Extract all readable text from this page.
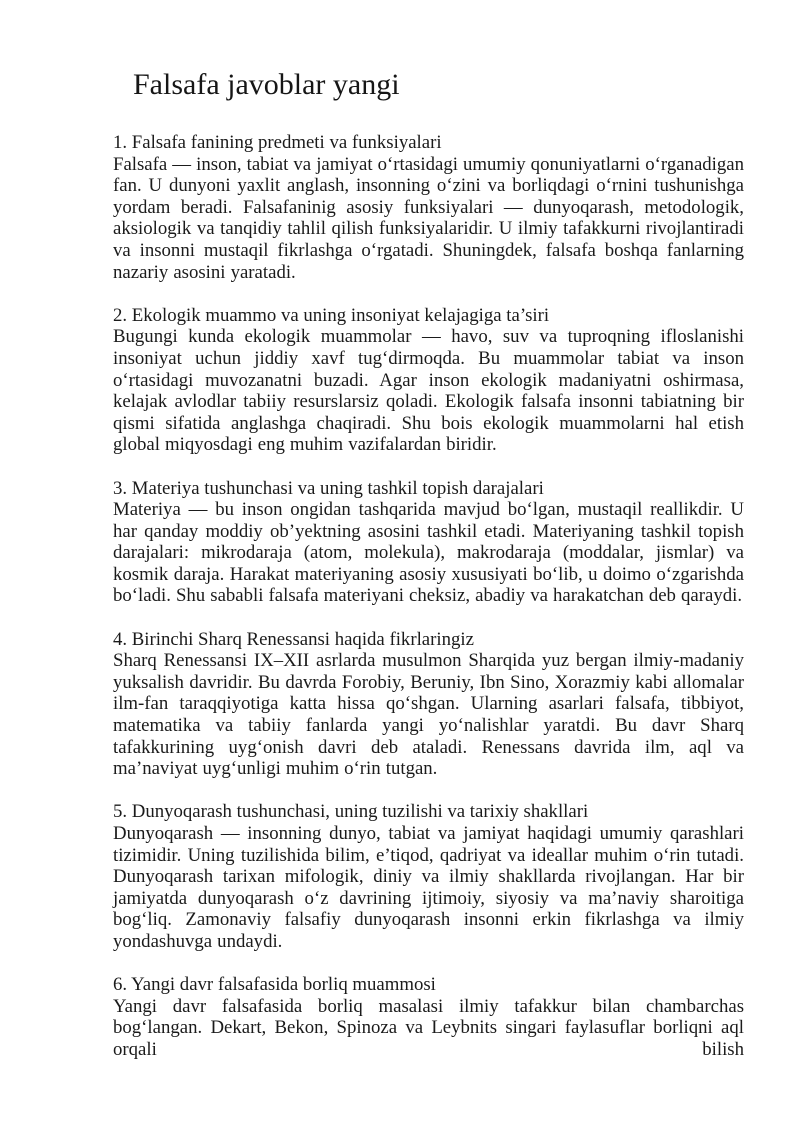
Falsafa javoblar yangi
1. Falsafa fanining predmeti va funksiyalari

Falsafa — inson, tabiat va jamiyat oʻrtasidagi umumiy qonuniyatlarni oʻrganadigan fan. U dunyoni yaxlit anglash, insonning oʻzini va borliqdagi oʻrnini tushunishga yordam beradi. Falsafaninig asosiy funksiyalari — dunyoqarash, metodologik, aksiologik va tanqidiy tahlil qilish funksiyalaridir. U ilmiy tafakkurni rivojlantiradi va insonni mustaqil fikrlashga oʻrgatadi. Shuningdek, falsafa boshqa fanlarning nazariy asosini yaratadi.

2. Ekologik muammo va uning insoniyat kelajagiga ta’siri

Bugungi kunda ekologik muammolar — havo, suv va tuproqning ifloslanishi insoniyat uchun jiddiy xavf tugʻdirmoqda. Bu muammolar tabiat va inson oʻrtasidagi muvozanatni buzadi. Agar inson ekologik madaniyatni oshirmasa, kelajak avlodlar tabiiy resurslarsiz qoladi. Ekologik falsafa insonni tabiatning bir qismi sifatida anglashga chaqiradi. Shu bois ekologik muammolarni hal etish global miqyosdagi eng muhim vazifalardan biridir.

3. Materiya tushunchasi va uning tashkil topish darajalari

Materiya — bu inson ongidan tashqarida mavjud boʻlgan, mustaqil reallikdir. U har qanday moddiy ob’yektning asosini tashkil etadi. Materiyaning tashkil topish darajalari: mikrodaraja (atom, molekula), makrodaraja (moddalar, jismlar) va kosmik daraja. Harakat materiyaning asosiy xususiyati boʻlib, u doimo oʻzgarishda boʻladi. Shu sababli falsafa materiyani cheksiz, abadiy va harakatchan deb qaraydi.

4. Birinchi Sharq Renessansi haqida fikrlaringiz

Sharq Renessansi IX–XII asrlarda musulmon Sharqida yuz bergan ilmiy-madaniy yuksalish davridir. Bu davrda Forobiy, Beruniy, Ibn Sino, Xorazmiy kabi allomalar ilm-fan taraqqiyotiga katta hissa qoʻshgan. Ularning asarlari falsafa, tibbiyot, matematika va tabiiy fanlarda yangi yoʻnalishlar yaratdi. Bu davr Sharq tafakkurining uygʻonish davri deb ataladi. Renessans davrida ilm, aql va ma’naviyat uygʻunligi muhim oʻrin tutgan.

5. Dunyoqarash tushunchasi, uning tuzilishi va tarixiy shakllari

Dunyoqarash — insonning dunyo, tabiat va jamiyat haqidagi umumiy qarashlari tizimidir. Uning tuzilishida bilim, e’tiqod, qadriyat va ideallar muhim oʻrin tutadi. Dunyoqarash tarixan mifologik, diniy va ilmiy shakllarda rivojlangan. Har bir jamiyatda dunyoqarash oʻz davrining ijtimoiy, siyosiy va ma’naviy sharoitiga bogʻliq. Zamonaviy falsafiy dunyoqarash insonni erkin fikrlashga va ilmiy yondashuvga undaydi.

6. Yangi davr falsafasida borliq muammosi

Yangi davr falsafasida borliq masalasi ilmiy tafakkur bilan chambarchas bogʻlangan. Dekart, Bekon, Spinoza va Leybnits singari faylasuflar borliqni aql orqali bilish
